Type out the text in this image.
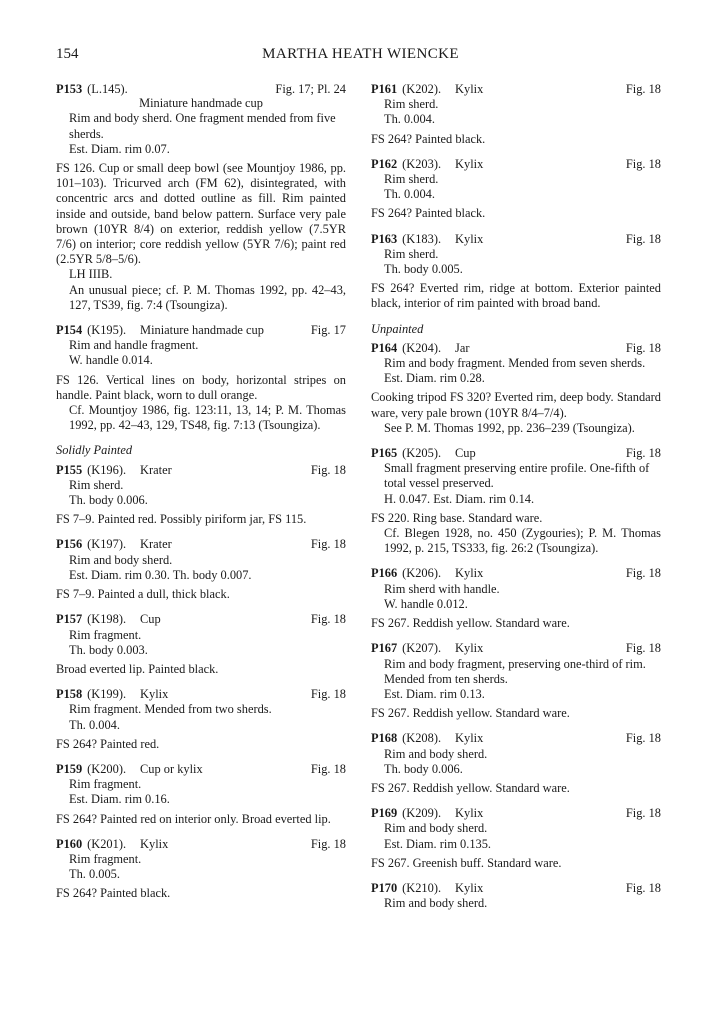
154	MARTHA HEATH WIENCKE
P153 (L.145).	Fig. 17; Pl. 24
Miniature handmade cup

Rim and body sherd. One fragment mended from five sherds.

Est. Diam. rim 0.07.

FS 126. Cup or small deep bowl (see Mountjoy 1986, pp. 101–103). Tricurved arch (FM 62), disintegrated, with concentric arcs and dotted outline as fill. Rim painted inside and outside, band below pattern. Surface very pale brown (10YR 8/4) on exterior, reddish yellow (7.5YR 7/6) on interior; core reddish yellow (5YR 7/6); paint red (2.5YR 5/8–5/6).

LH IIIB.

An unusual piece; cf. P. M. Thomas 1992, pp. 42–43, 127, TS39, fig. 7:4 (Tsoungiza).

P154 (K195). Miniature handmade cup	Fig. 17

Rim and handle fragment.

W. handle 0.014.

FS 126. Vertical lines on body, horizontal stripes on handle. Paint black, worn to dull orange.

Cf. Mountjoy 1986, fig. 123:11, 13, 14; P. M. Thomas 1992, pp. 42–43, 129, TS48, fig. 7:13 (Tsoungiza).

Solidly Painted
P155 (K196). Krater	Fig. 18

Rim sherd.

Th. body 0.006.

FS 7–9. Painted red. Possibly piriform jar, FS 115.

P156 (K197). Krater	Fig. 18

Rim and body sherd.

Est. Diam. rim 0.30. Th. body 0.007.

FS 7–9. Painted a dull, thick black.

P157 (K198). Cup	Fig. 18

Rim fragment.

Th. body 0.003.

Broad everted lip. Painted black.

P158 (K199). Kylix	Fig. 18

Rim fragment. Mended from two sherds.

Th. 0.004.

FS 264? Painted red.

P159 (K200). Cup or kylix	Fig. 18

Rim fragment.

Est. Diam. rim 0.16.

FS 264? Painted red on interior only. Broad everted lip.

P160 (K201). Kylix	Fig. 18

Rim fragment.

Th. 0.005.

FS 264? Painted black.

P161 (K202). Kylix	Fig. 18

Rim sherd.

Th. 0.004.

FS 264? Painted black.

P162 (K203). Kylix	Fig. 18

Rim sherd.

Th. 0.004.

FS 264? Painted black.

P163 (K183). Kylix	Fig. 18

Rim sherd.

Th. body 0.005.

FS 264? Everted rim, ridge at bottom. Exterior painted black, interior of rim painted with broad band.

Unpainted
P164 (K204). Jar	Fig. 18

Rim and body fragment. Mended from seven sherds.

Est. Diam. rim 0.28.

Cooking tripod FS 320? Everted rim, deep body. Standard ware, very pale brown (10YR 8/4–7/4).

See P. M. Thomas 1992, pp. 236–239 (Tsoungiza).

P165 (K205). Cup	Fig. 18

Small fragment preserving entire profile. One-fifth of total vessel preserved.

H. 0.047. Est. Diam. rim 0.14.

FS 220. Ring base. Standard ware.

Cf. Blegen 1928, no. 450 (Zygouries); P. M. Thomas 1992, p. 215, TS333, fig. 26:2 (Tsoungiza).

P166 (K206). Kylix	Fig. 18

Rim sherd with handle.

W. handle 0.012.

FS 267. Reddish yellow. Standard ware.

P167 (K207). Kylix	Fig. 18

Rim and body fragment, preserving one-third of rim. Mended from ten sherds.

Est. Diam. rim 0.13.

FS 267. Reddish yellow. Standard ware.

P168 (K208). Kylix	Fig. 18

Rim and body sherd.

Th. body 0.006.

FS 267. Reddish yellow. Standard ware.

P169 (K209). Kylix	Fig. 18

Rim and body sherd.

Est. Diam. rim 0.135.

FS 267. Greenish buff. Standard ware.

P170 (K210). Kylix	Fig. 18

Rim and body sherd.
